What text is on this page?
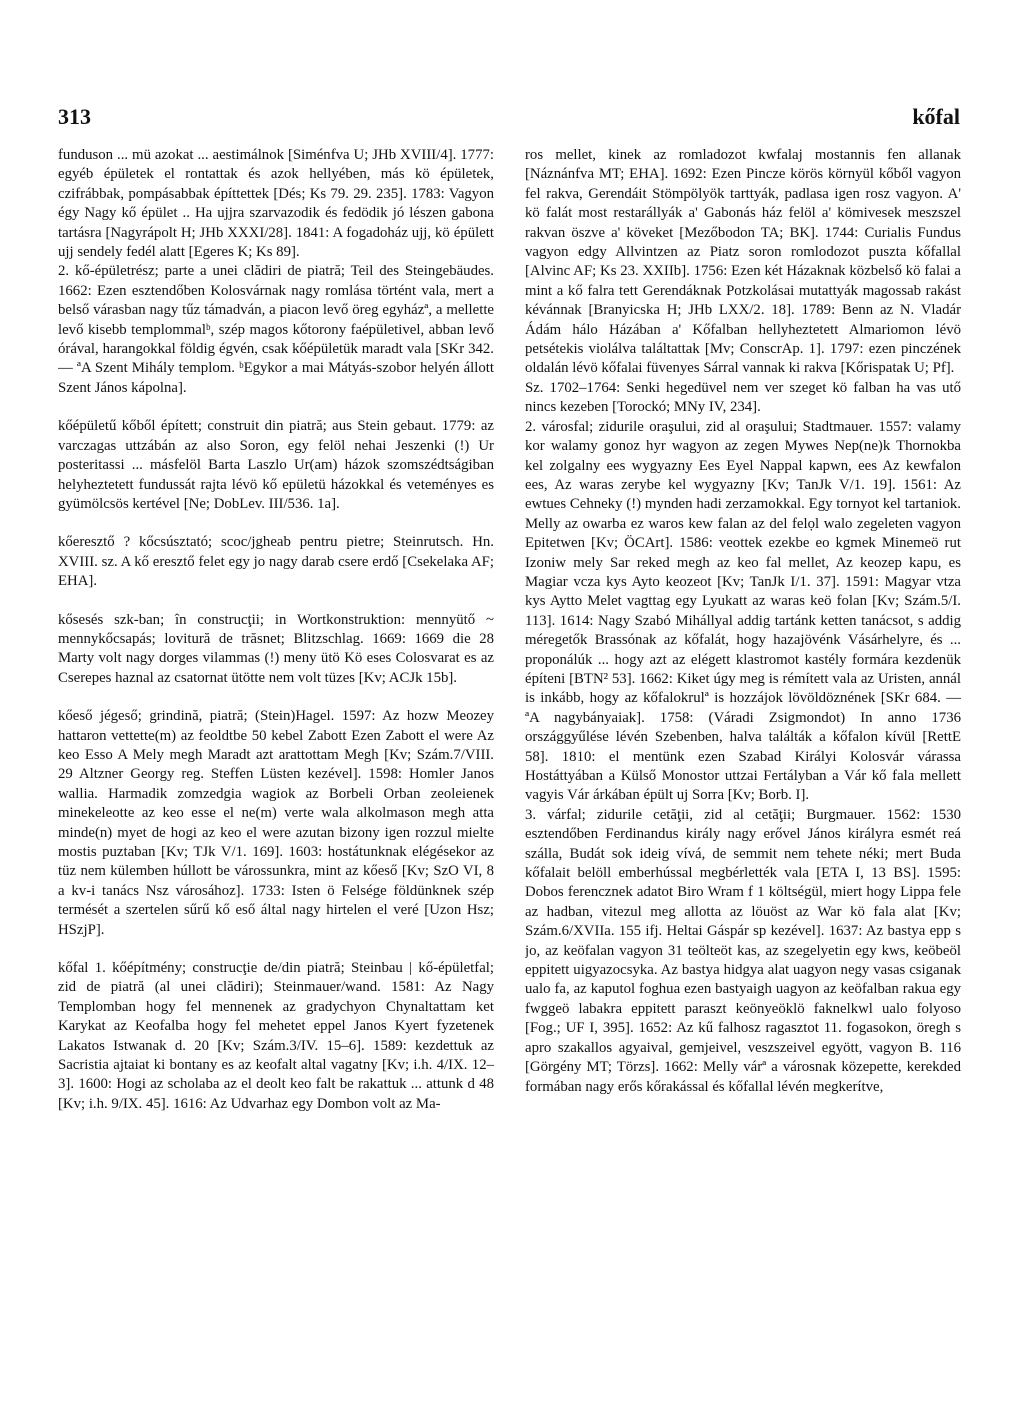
313	kőfal

funduson ... mü azokat ... aestimálnok [Siménfva U; JHb XVIII/4]. 1777: egyéb épületek el rontattak és azok hellyében, más kö épületek, czifrábbak, pompásabbak építtettek [Dés; Ks 79. 29. 235]. 1783: Vagyon égy Nagy kő épület .. Ha ujjra szarvazodik és fedödik jó lészen gabona tartásra [Nagyrápolt H; JHb XXXI/28]. 1841: A fogadoház ujj, kö épülett ujj sendely fedél alatt [Egeres K; Ks 89].

2. kő-épületrész; parte a unei clădiri de piatră; Teil des Steingebäudes. 1662: Ezen esztendőben Kolosvárnak nagy romlása történt vala, mert a belső várasban nagy tűz támadván, a piacon levő öreg egyházª, a mellette levő kisebb templommalᵇ, szép magos kőtorony faépületivel, abban levő órával, harangokkal földig égvén, csak kőépületük maradt vala [SKr 342. — ªA Szent Mihály templom. ᵇEgykor a mai Mátyás-szobor helyén állott Szent János kápolna].

kőépületű kőből épített; construit din piatră; aus Stein gebaut. 1779: az varczagas uttzábán az also Soron, egy felöl nehai Jeszenki (!) Ur posteritassi ... másfelöl Barta Laszlo Ur(am) házok szomszédtságiban helyheztetett fundussát rajta lévö kő epületü házokkal és veteményes es gyümölcsös kertével [Ne; DobLev. III/536. 1a].

kőeresztő ? kőcsúsztató; scoc/jgheab pentru pietre; Steinrutsch. Hn. XVIII. sz. A kő eresztő felet egy jo nagy darab csere erdő [Csekelaka AF; EHA].

kősesés szk-ban; în construcţii; in Wortkonstruktion: mennyütő ~ mennykőcsapás; lovitură de trăsnet; Blitzschlag. 1669: 1669 die 28 Marty volt nagy dorges vilammas (!) meny ütö Kö eses Colosvarat es az Cserepes haznal az csatornat ütötte nem volt tüzes [Kv; ACJk 15b].

kőeső jégeső; grindină, piatră; (Stein)Hagel. 1597: Az hozw Meozey hattaron vettette(m) az feoldtbe 50 kebel Zabott Ezen Zabott el were Az keo Esso A Mely megh Maradt azt arattottam Megh [Kv; Szám.7/VIII. 29 Altzner Georgy reg. Steffen Lüsten kezével]. 1598: Homler Janos wallia. Harmadik zomzedgia wagiok az Borbeli Orban zeoleienek minekeleotte az keo esse el ne(m) verte wala alkolmason megh atta minde(n) myet de hogi az keo el were azutan bizony igen rozzul mielte mostis puztaban [Kv; TJk V/1. 169]. 1603: hostátunknak elégésekor az tüz nem külemben húllott be várossunkra, mint az kőeső [Kv; SzO VI, 8 a kv-i tanács Nsz városához]. 1733: Isten ö Felsége földünknek szép termését a szertelen sűrű kő eső által nagy hirtelen el veré [Uzon Hsz; HSzjP].

kőfal 1. kőépítmény; construcţie de/din piatră; Steinbau | kő-épületfal; zid de piatră (al unei clădiri); Steinmauer/wand. 1581: Az Nagy Templomban hogy fel mennenek az gradychyon Chynaltattam ket Karykat az Keofalba hogy fel mehetet eppel Janos Kyert fyzetenek Lakatos Istwanak d. 20 [Kv; Szám.3/IV. 15–6]. 1589: kezdettuk az Sacristia ajtaiat ki bontany es az keofalt altal vagatny [Kv; i.h. 4/IX. 12–3]. 1600: Hogi az scholaba az el deolt keo falt be rakattuk ... attunk d 48 [Kv; i.h. 9/IX. 45]. 1616: Az Udvarhaz egy Dombon volt az Ma-

ros mellet, kinek az romladozot kwfalaj mostannis fen allanak [Náznánfva MT; EHA]. 1692: Ezen Pincze körös környül kőből vagyon fel rakva, Gerendáit Stömpölyök tarttyák, padlasa igen rosz vagyon. A' kö falát most restarállyák a' Gabonás ház felöl a' kömivesek meszszel rakvan öszve a' köveket [Mezőbodon TA; BK]. 1744: Curialis Fundus vagyon edgy Allvintzen az Piatz soron romlodozot puszta kőfallal [Alvinc AF; Ks 23. XXIIb]. 1756: Ezen két Házaknak közbelső kö falai a mint a kő falra tett Gerendáknak Potzkolásai mutattyák magossab rakást kévánnak [Branyicska H; JHb LXX/2. 18]. 1789: Benn az N. Vladár Ádám hálo Házában a' Kőfalban hellyheztetett Almariomon lévö petsétekis violálva találtattak [Mv; ConscrAp. 1]. 1797: ezen pinczének oldalán lévö kőfalai füvenyes Sárral vannak ki rakva [Kőrispatak U; Pf].

Sz. 1702–1764: Senki hegedüvel nem ver szeget kö falban ha vas utő nincs kezeben [Torockó; MNy IV, 234].

2. városfal; zidurile oraşului, zid al oraşului; Stadtmauer. 1557: valamy kor walamy gonoz hyr wagyon az zegen Mywes Nep(ne)k Thornokba kel zolgalny ees wygyazny Ees Eyel Nappal kapwn, ees Az kewfalon ees, Az waras zerybe kel wygyazny [Kv; TanJk V/1. 19]. 1561: Az ewtues Cehneky (!) mynden hadi zerzamokkal. Egy tornyot kel tartaniok. Melly az owarba ez waros kew falan az del felọl walo zegeleten vagyon Epitetwen [Kv; ÖCArt]. 1586: veottek ezekbe eo kgmek Minemeö rut Izoniw mely Sar reked megh az keo fal mellet, Az keozep kapu, es Magiar vcza kys Ayto keozeot [Kv; TanJk I/1. 37]. 1591: Magyar vtza kys Aytto Melet vagttag egy Lyukatt az waras keö folan [Kv; Szám.5/I. 113]. 1614: Nagy Szabó Mihállyal addig tartánk ketten tanácsot, s addig méregetők Brassónak az kőfalát, hogy hazajövénk Vásárhelyre, és ... proponálúk ... hogy azt az elégett klastromot kastély formára kezdenük építeni [BTN² 53]. 1662: Kiket úgy meg is rémített vala az Uristen, annál is inkább, hogy az kőfalokrulª is hozzájok lövöldöznének [SKr 684. — ªA nagybányaiak]. 1758: (Váradi Zsigmondot) In anno 1736 országgyűlése lévén Szebenben, halva találták a kőfalon kívül [RettE 58]. 1810: el mentünk ezen Szabad Királyi Kolosvár várassa Hostáttyában a Külső Monostor uttzai Fertályban a Vár kő fala mellett vagyis Vár árkában épült uj Sorra [Kv; Borb. I].

3. várfal; zidurile cetăţii, zid al cetăţii; Burgmauer. 1562: 1530 esztendőben Ferdinandus király nagy erővel János királyra esmét reá szálla, Budát sok ideig vívá, de semmit nem tehete néki; mert Buda kőfalait belöll emberhússal megbérlették vala [ETA I, 13 BS]. 1595: Dobos ferencznek adatot Biro Wram f 1 költségül, miert hogy Lippa fele az hadban, vitezul meg allotta az löuöst az War kö fala alat [Kv; Szám.6/XVIIa. 155 ifj. Heltai Gáspár sp kezével]. 1637: Az bastya epp s jo, az keöfalan vagyon 31 teölteöt kas, az szegelyetin egy kws, keöbeöl eppitett uigyazocsyka. Az bastya hidgya alat uagyon negy vasas csiganak ualo fa, az kaputol foghua ezen bastyaigh uagyon az keöfalban rakua egy fwggeö labakra eppitett paraszt keönyeöklö faknelkwl ualo folyoso [Fog.; UF I, 395]. 1652: Az kű falhosz ragasztot 11. fogasokon, öregh s apro szakallos agyaival, gemjeivel, veszszeivel egyött, vagyon B. 116 [Görgény MT; Törzs]. 1662: Melly várª a városnak közepette, kerekded formában nagy erős kőrakással és kőfallal lévén megkerítve,
